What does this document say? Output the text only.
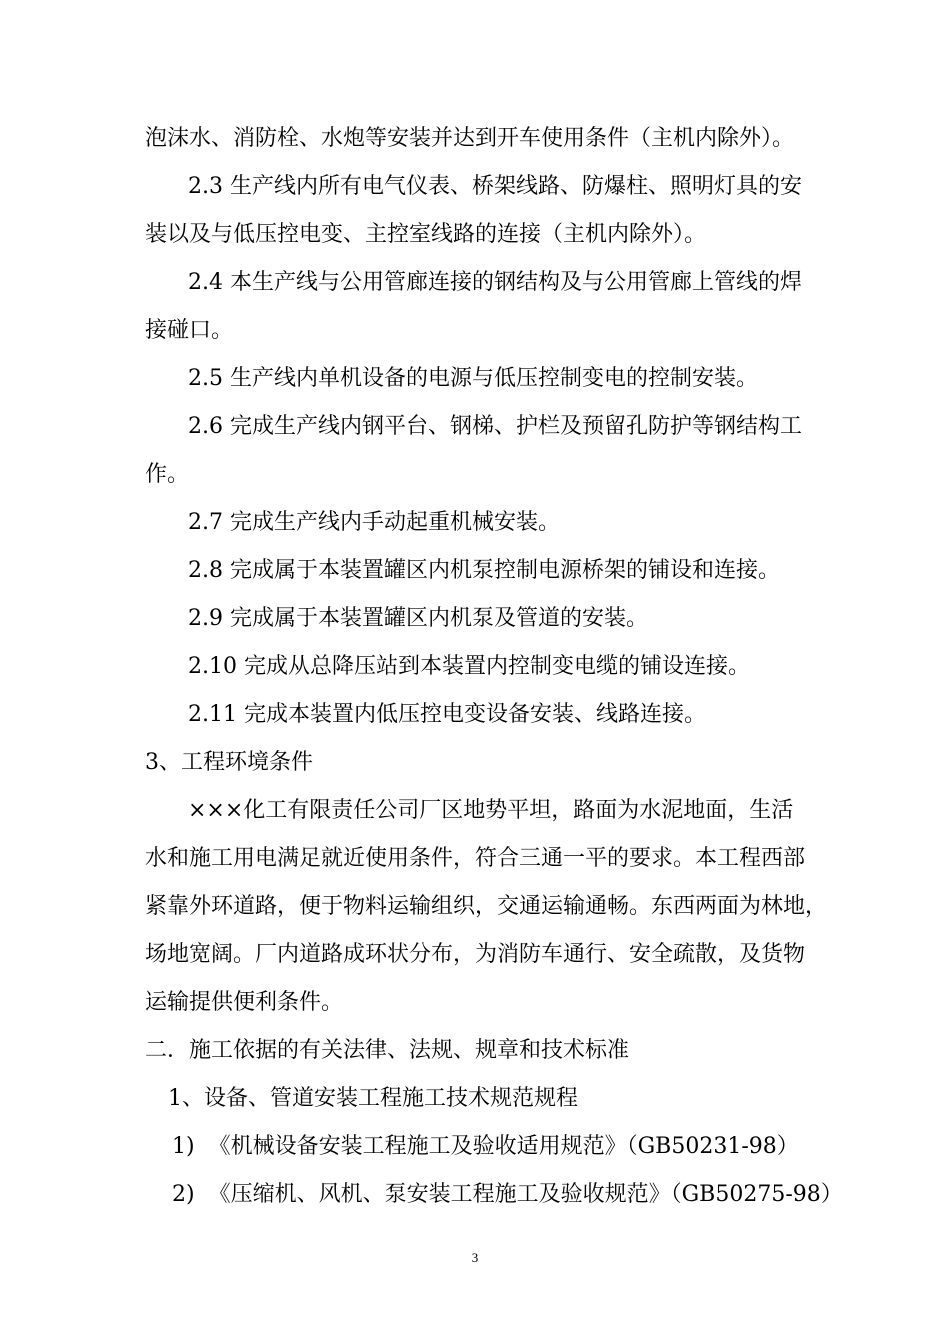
泡沫水、消防栓、水炮等安装并达到开车使用条件（主机内除外）。
2.3 生产线内所有电气仪表、桥架线路、防爆柱、照明灯具的安
装以及与低压控电变、主控室线路的连接（主机内除外）。
2.4 本生产线与公用管廊连接的钢结构及与公用管廊上管线的焊
接碰口。
2.5 生产线内单机设备的电源与低压控制变电的控制安装。
2.6 完成生产线内钢平台、钢梯、护栏及预留孔防护等钢结构工
作。
2.7 完成生产线内手动起重机械安装。
2.8 完成属于本装置罐区内机泵控制电源桥架的铺设和连接。
2.9 完成属于本装置罐区内机泵及管道的安装。
2.10 完成从总降压站到本装置内控制变电缆的铺设连接。
2.11 完成本装置内低压控电变设备安装、线路连接。
3、工程环境条件
×××化工有限责任公司厂区地势平坦，路面为水泥地面，生活
水和施工用电满足就近使用条件，符合三通一平的要求。本工程西部
紧靠外环道路，便于物料运输组织，交通运输通畅。东西两面为林地，
场地宽阔。厂内道路成环状分布，为消防车通行、安全疏散，及货物
运输提供便利条件。
二．施工依据的有关法律、法规、规章和技术标准
1、设备、管道安装工程施工技术规范规程
1) 《机械设备安装工程施工及验收适用规范》（GB50231-98）
2) 《压缩机、风机、泵安装工程施工及验收规范》（GB50275-98）
3
